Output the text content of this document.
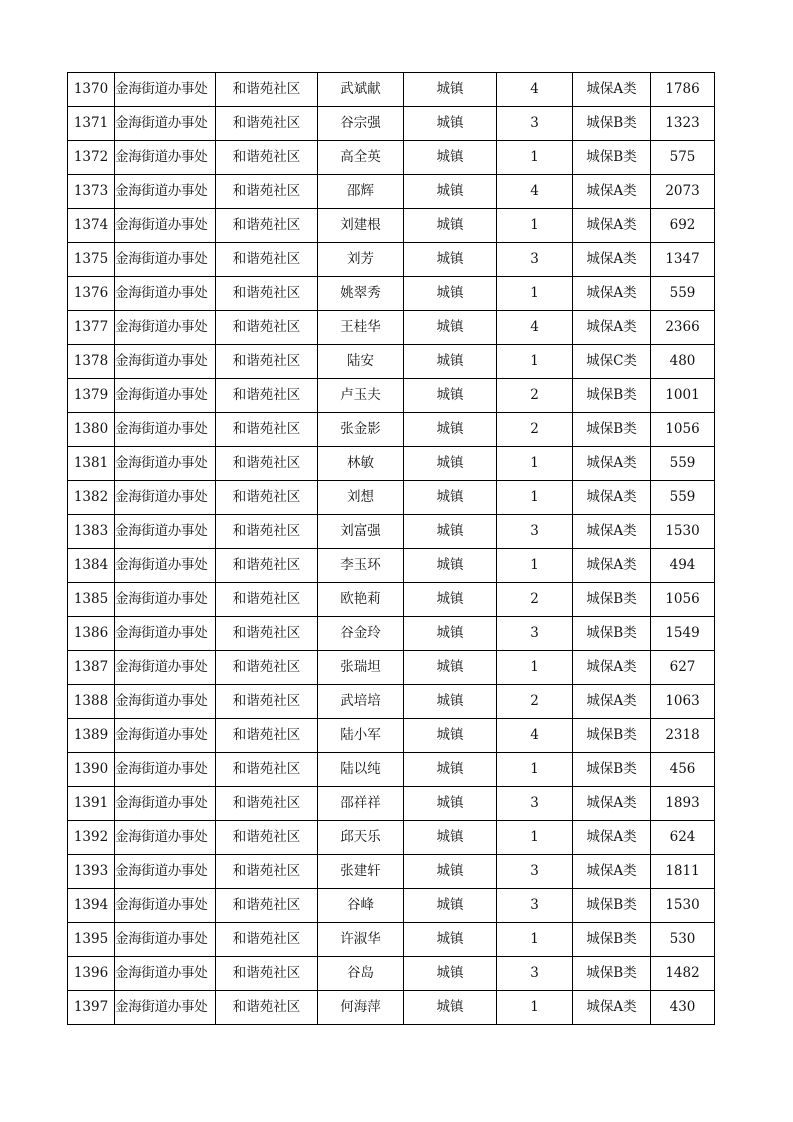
1370	金海街道办事处	和谐苑社区	武斌献	城镇	4	城保A类	1786
1371	金海街道办事处	和谐苑社区	谷宗强	城镇	3	城保B类	1323
1372	金海街道办事处	和谐苑社区	高全英	城镇	1	城保B类	575
1373	金海街道办事处	和谐苑社区	邵辉	城镇	4	城保A类	2073
1374	金海街道办事处	和谐苑社区	刘建根	城镇	1	城保A类	692
1375	金海街道办事处	和谐苑社区	刘芳	城镇	3	城保A类	1347
1376	金海街道办事处	和谐苑社区	姚翠秀	城镇	1	城保A类	559
1377	金海街道办事处	和谐苑社区	王桂华	城镇	4	城保A类	2366
1378	金海街道办事处	和谐苑社区	陆安	城镇	1	城保C类	480
1379	金海街道办事处	和谐苑社区	卢玉夫	城镇	2	城保B类	1001
1380	金海街道办事处	和谐苑社区	张金影	城镇	2	城保B类	1056
1381	金海街道办事处	和谐苑社区	林敏	城镇	1	城保A类	559
1382	金海街道办事处	和谐苑社区	刘想	城镇	1	城保A类	559
1383	金海街道办事处	和谐苑社区	刘富强	城镇	3	城保A类	1530
1384	金海街道办事处	和谐苑社区	李玉环	城镇	1	城保A类	494
1385	金海街道办事处	和谐苑社区	欧艳莉	城镇	2	城保B类	1056
1386	金海街道办事处	和谐苑社区	谷金玲	城镇	3	城保B类	1549
1387	金海街道办事处	和谐苑社区	张瑞坦	城镇	1	城保A类	627
1388	金海街道办事处	和谐苑社区	武培培	城镇	2	城保A类	1063
1389	金海街道办事处	和谐苑社区	陆小军	城镇	4	城保B类	2318
1390	金海街道办事处	和谐苑社区	陆以纯	城镇	1	城保B类	456
1391	金海街道办事处	和谐苑社区	邵祥祥	城镇	3	城保A类	1893
1392	金海街道办事处	和谐苑社区	邱天乐	城镇	1	城保A类	624
1393	金海街道办事处	和谐苑社区	张建轩	城镇	3	城保A类	1811
1394	金海街道办事处	和谐苑社区	谷峰	城镇	3	城保B类	1530
1395	金海街道办事处	和谐苑社区	许淑华	城镇	1	城保B类	530
1396	金海街道办事处	和谐苑社区	谷岛	城镇	3	城保B类	1482
1397	金海街道办事处	和谐苑社区	何海萍	城镇	1	城保A类	430
